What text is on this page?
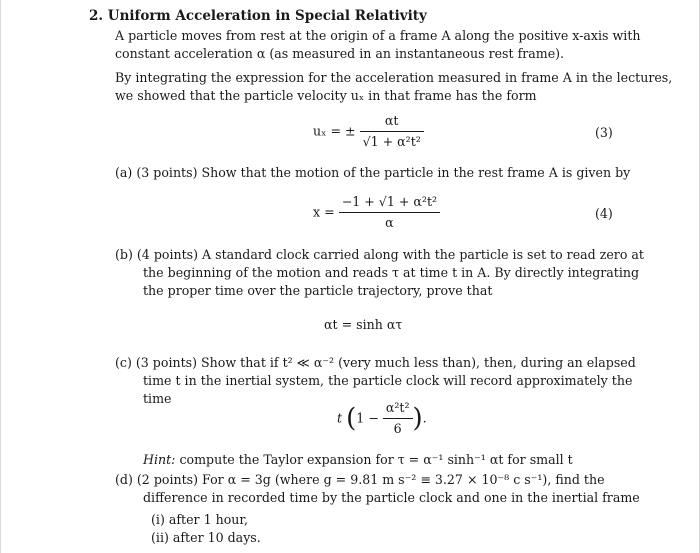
2. Uniform Acceleration in Special Relativity
A particle moves from rest at the origin of a frame A along the positive x-axis with
constant acceleration α (as measured in an instantaneous rest frame).
By integrating the expression for the acceleration measured in frame A in the lectures,
we showed that the particle velocity uₓ in that frame has the form
uₓ = ± $\frac{\alpha t}{\text{√1 + α²t²}}$	(3)
(a) (3 points) Show that the motion of the particle in the rest frame A is given by
$x = \frac{\text{−1 + √1 + α²t²}}{\alpha}$	(4)
(b) (4 points) A standard clock carried along with the particle is set to read zero at
the beginning of the motion and reads τ at time t in A. By directly integrating
the proper time over the particle trajectory, prove that
αt = sinh ατ
(c) (3 points) Show that if t² ≪ α⁻² (very much less than), then, during an elapsed
time t in the inertial system, the particle clock will record approximately the
time
t ($1 - \frac{\text{α²t²}}{6}$ ).
Hint: compute the Taylor expansion for τ = α⁻¹ sinh⁻¹ αt for small t
(d) (2 points) For α = 3g (where g = 9.81 m s⁻² ≡ 3.27 × 10⁻⁸ c s⁻¹), find the
difference in recorded time by the particle clock and one in the inertial frame
(i) after 1 hour,
(ii) after 10 days.
